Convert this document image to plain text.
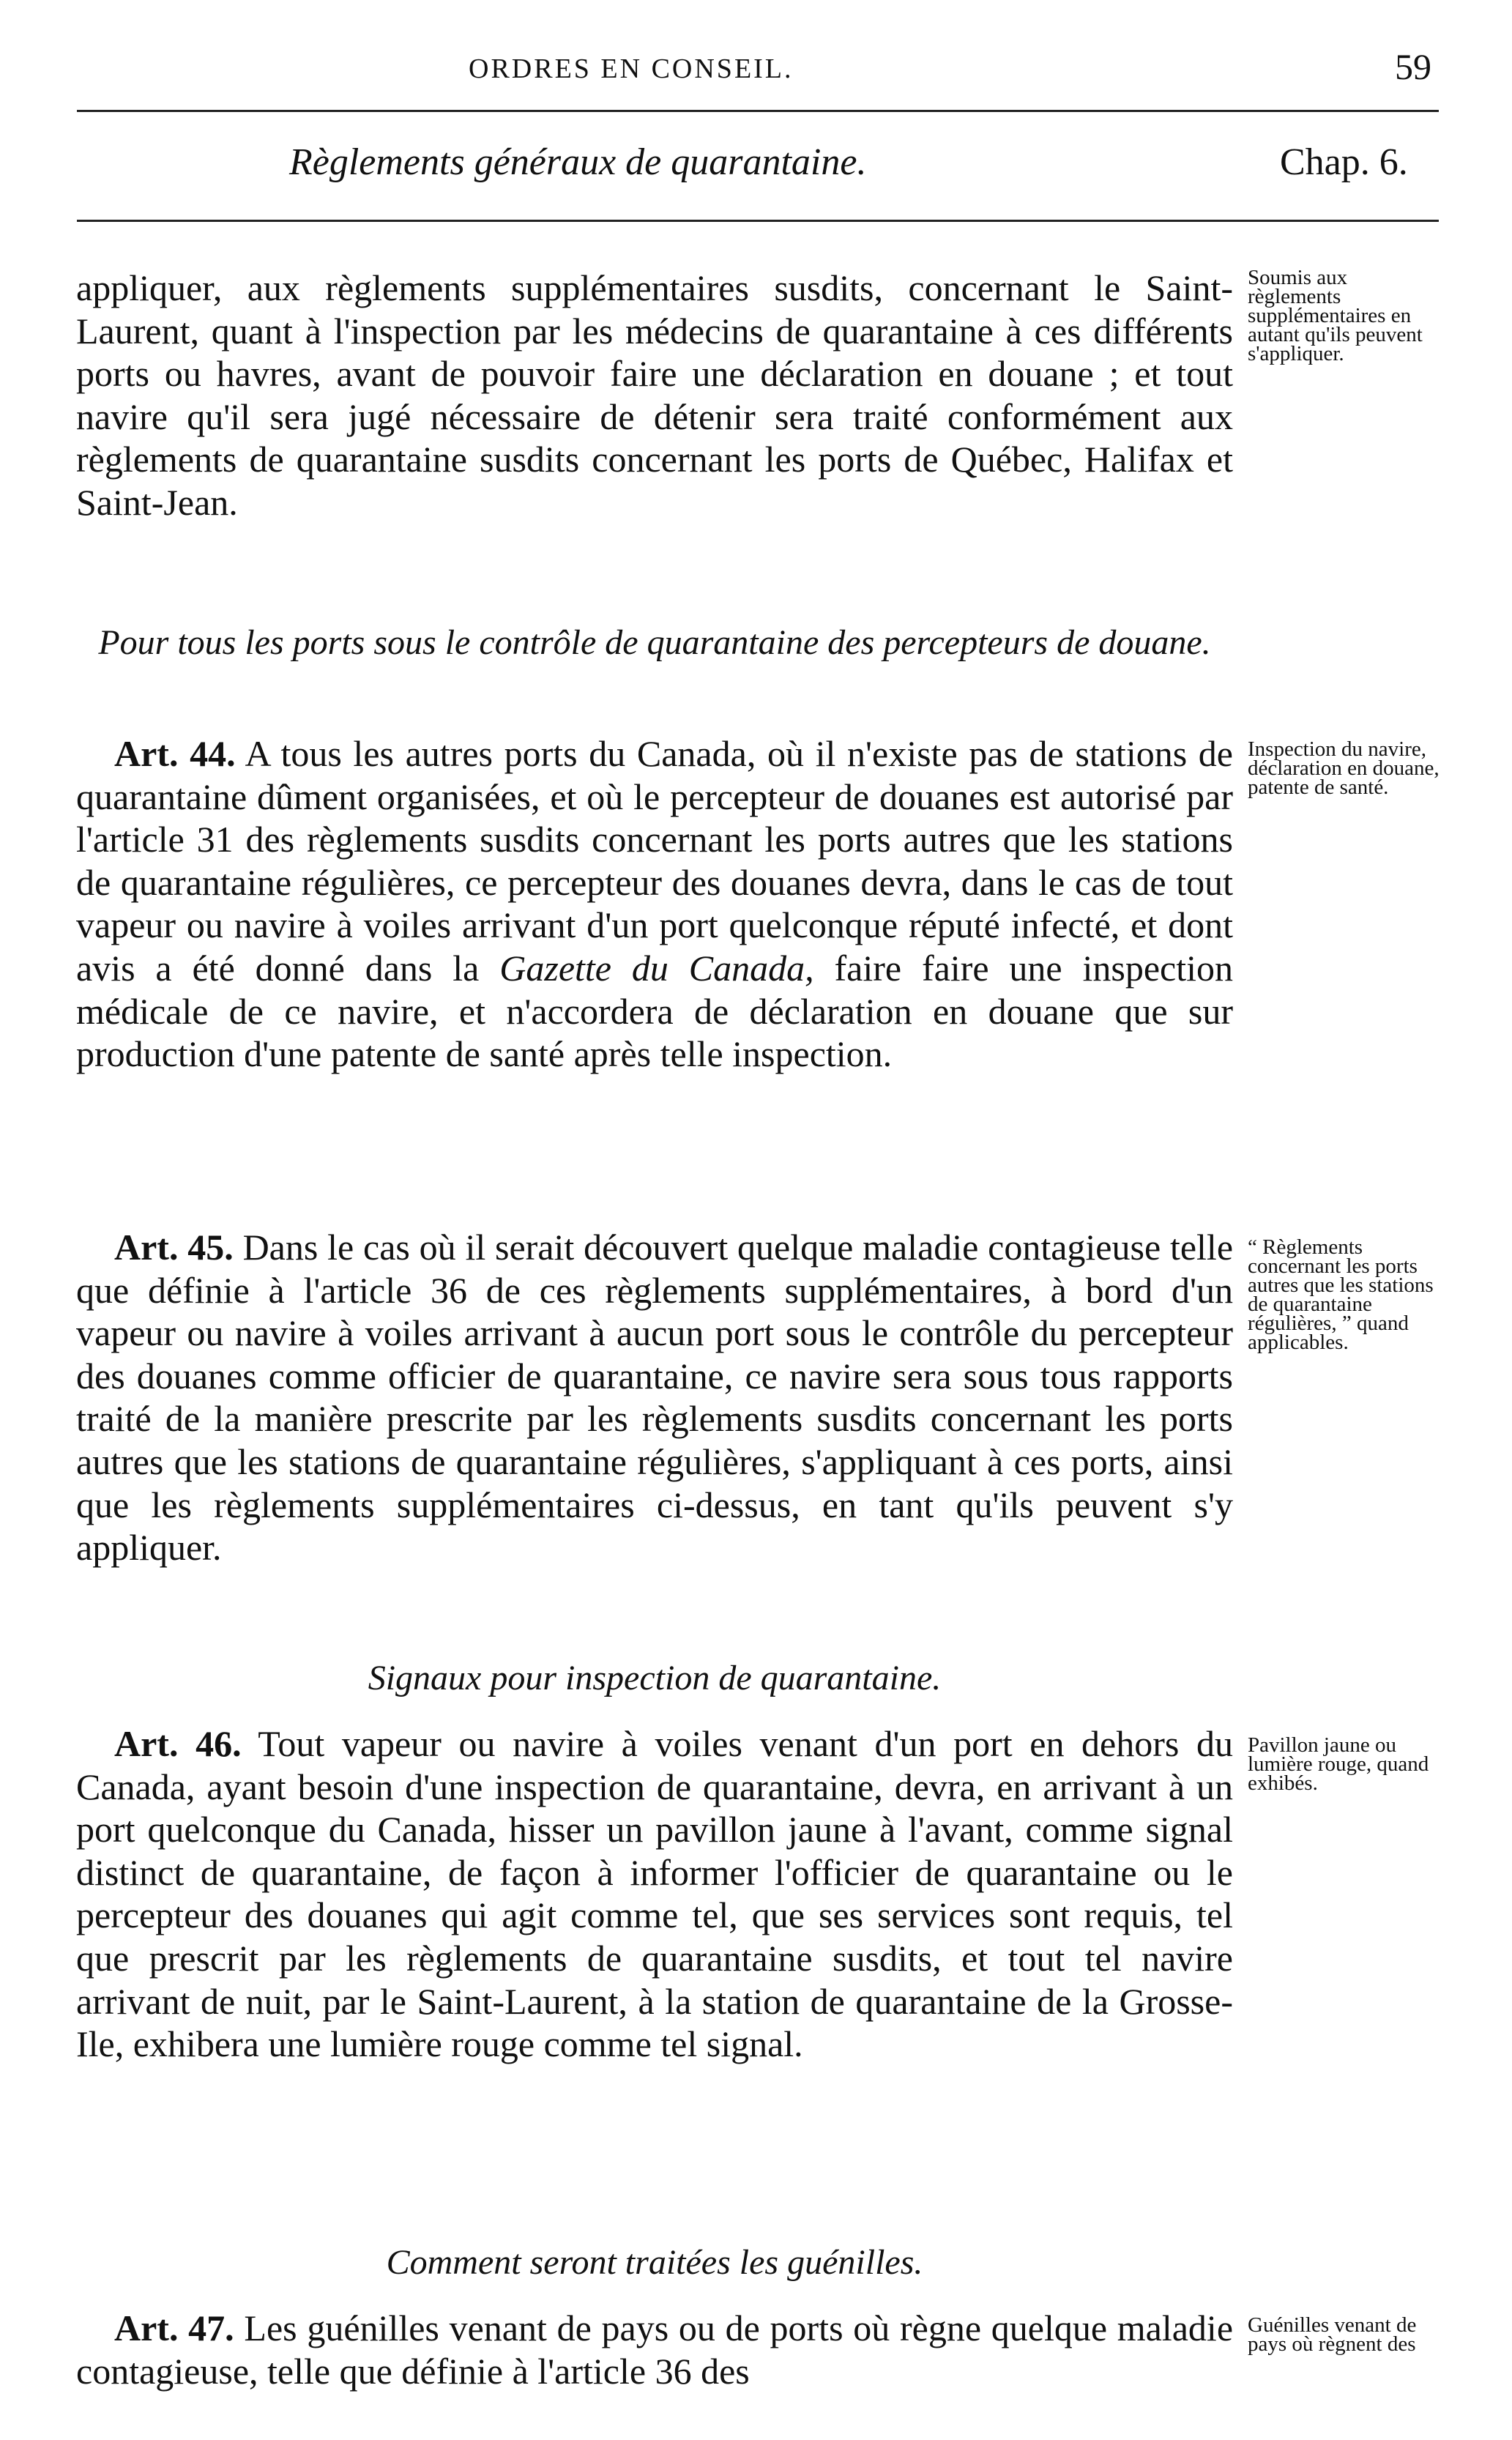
ORDRES EN CONSEIL.	59
Règlements généraux de quarantaine.	Chap. 6.

appliquer, aux règlements supplémentaires susdits, concernant le Saint-Laurent, quant à l'inspection par les médecins de quarantaine à ces différents ports ou havres, avant de pouvoir faire une déclaration en douane ; et tout navire qu'il sera jugé nécessaire de détenir sera traité conformément aux règlements de quarantaine susdits concernant les ports de Québec, Halifax et Saint-Jean.

Soumis aux règlements supplémentaires en autant qu'ils peuvent s'appliquer.

Pour tous les ports sous le contrôle de quarantaine des percepteurs de douane.

Art. 44. A tous les autres ports du Canada, où il n'existe pas de stations de quarantaine dûment organisées, et où le percepteur de douanes est autorisé par l'article 31 des règlements susdits concernant les ports autres que les stations de quarantaine régulières, ce percepteur des douanes devra, dans le cas de tout vapeur ou navire à voiles arrivant d'un port quelconque réputé infecté, et dont avis a été donné dans la Gazette du Canada, faire faire une inspection médicale de ce navire, et n'accordera de déclaration en douane que sur production d'une patente de santé après telle inspection.

Inspection du navire, déclaration en douane, patente de santé.

Art. 45. Dans le cas où il serait découvert quelque maladie contagieuse telle que définie à l'article 36 de ces règlements supplémentaires, à bord d'un vapeur ou navire à voiles arrivant à aucun port sous le contrôle du percepteur des douanes comme officier de quarantaine, ce navire sera sous tous rapports traité de la manière prescrite par les règlements susdits concernant les ports autres que les stations de quarantaine régulières, s'appliquant à ces ports, ainsi que les règlements supplémentaires ci-dessus, en tant qu'ils peuvent s'y appliquer.

“ Règlements concernant les ports autres que les stations de quarantaine régulières, ” quand applicables.

Signaux pour inspection de quarantaine.

Art. 46. Tout vapeur ou navire à voiles venant d'un port en dehors du Canada, ayant besoin d'une inspection de quarantaine, devra, en arrivant à un port quelconque du Canada, hisser un pavillon jaune à l'avant, comme signal distinct de quarantaine, de façon à informer l'officier de quarantaine ou le percepteur des douanes qui agit comme tel, que ses services sont requis, tel que prescrit par les règlements de quarantaine susdits, et tout tel navire arrivant de nuit, par le Saint-Laurent, à la station de quarantaine de la Grosse-Ile, exhibera une lumière rouge comme tel signal.

Pavillon jaune ou lumière rouge, quand exhibés.

Comment seront traitées les guénilles.

Art. 47. Les guénilles venant de pays ou de ports où règne quelque maladie contagieuse, telle que définie à l'article 36 des

Guénilles venant de pays où règnent des
